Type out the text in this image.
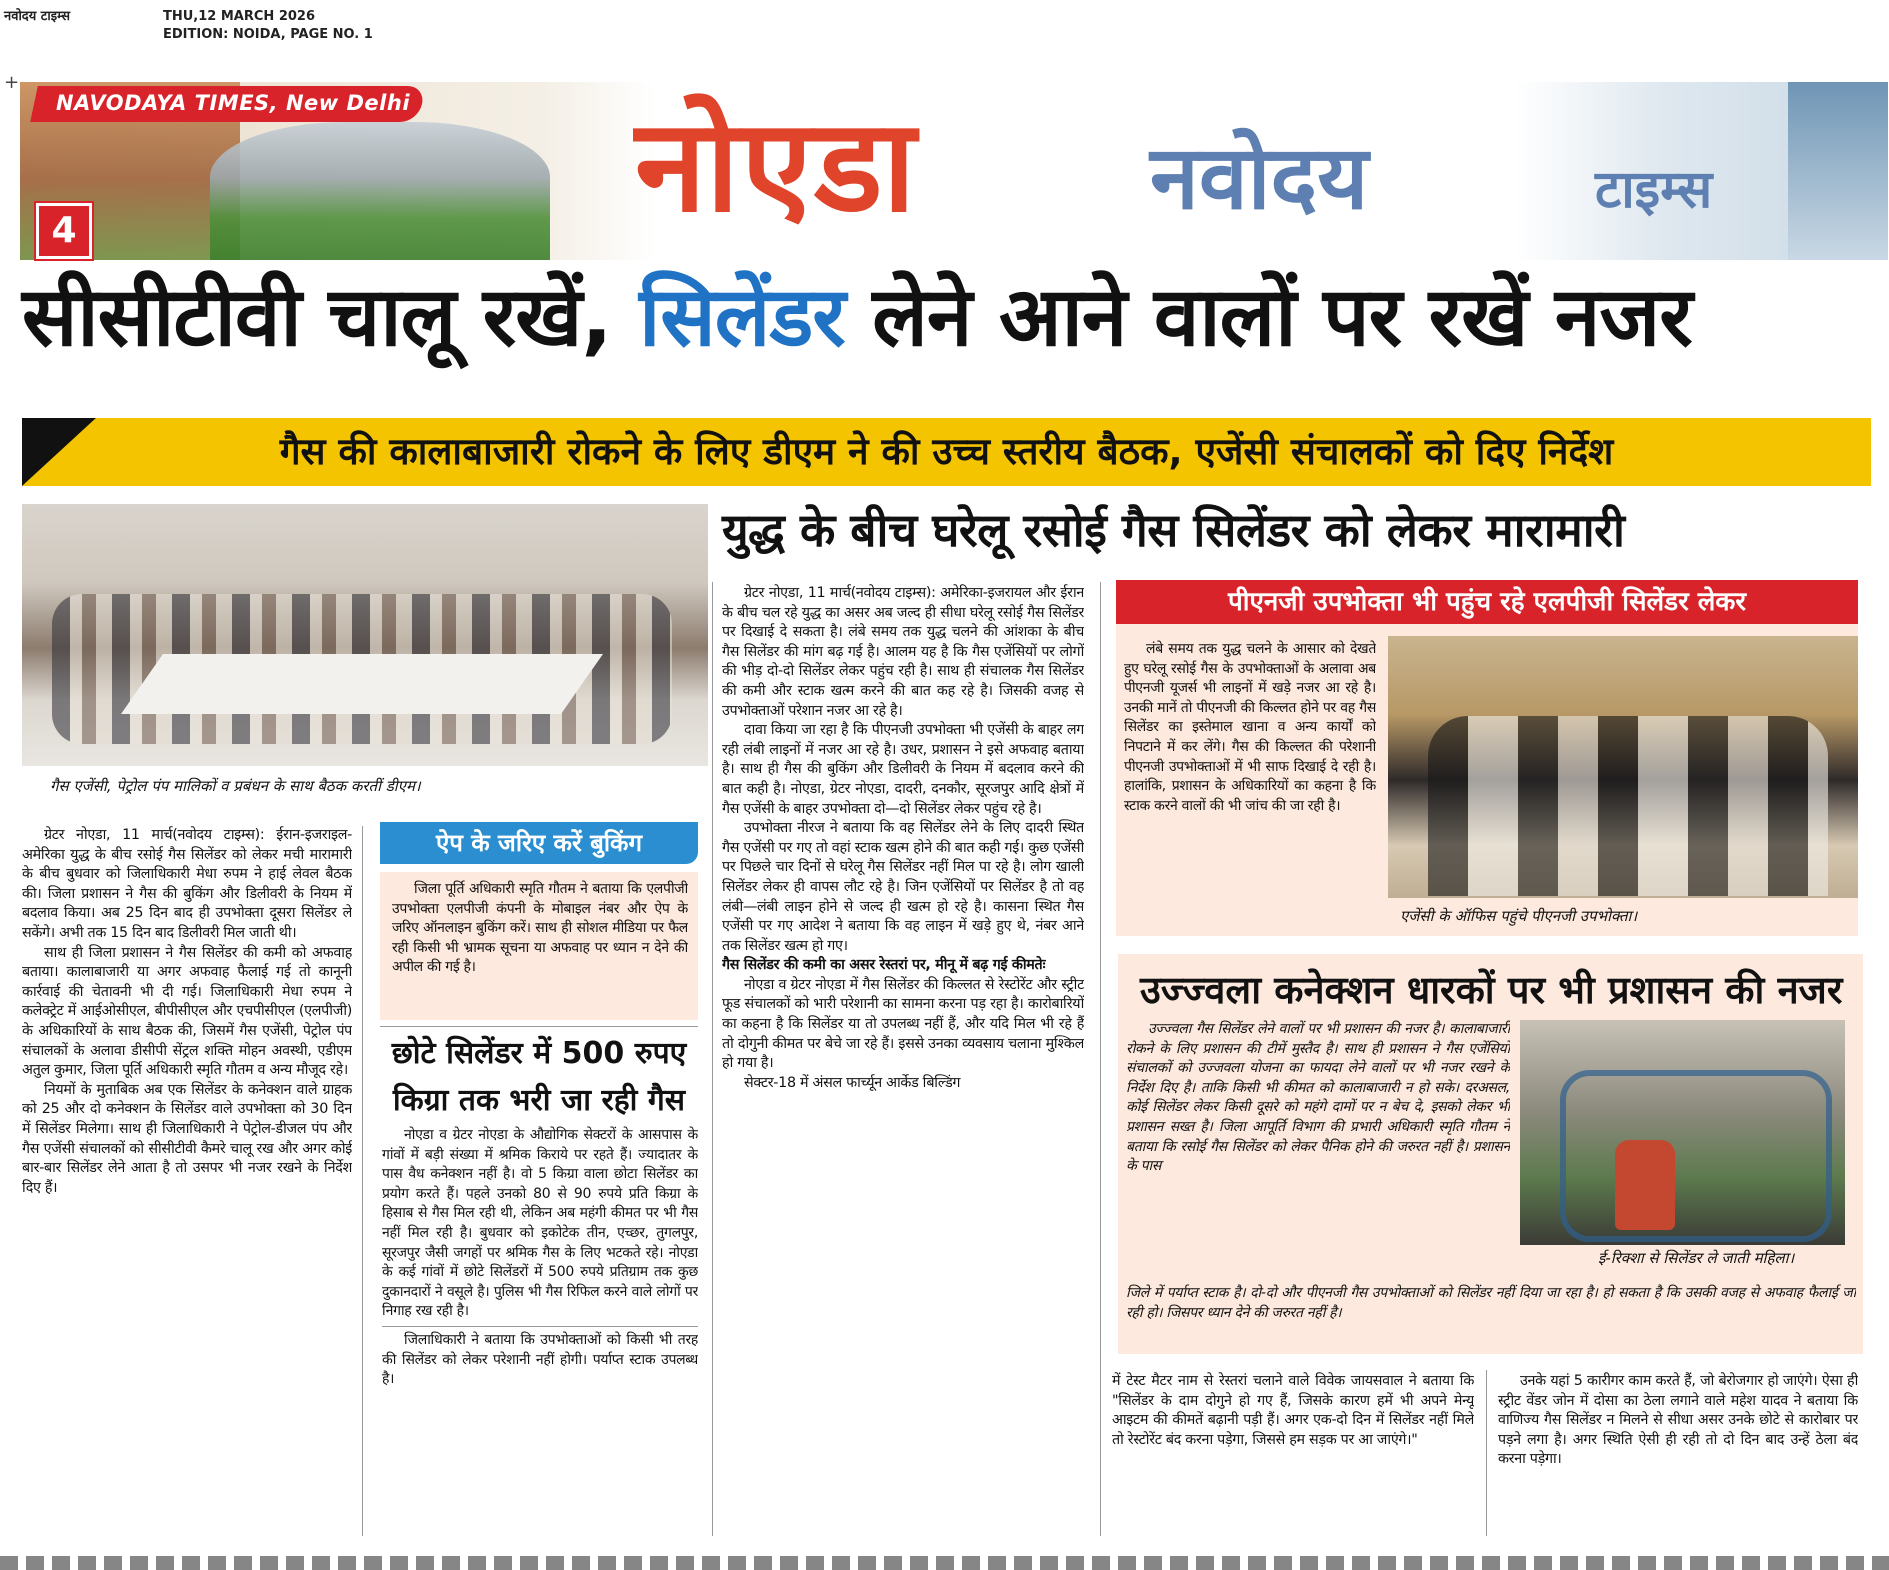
नवोदय टाइम्स	THU,12 MARCH 2026
EDITION: NOIDA, PAGE NO. 1
+
NAVODAYA TIMES, New Delhi
4	नोएडा	नवोदय	टाइम्स
सीसीटीवी चालू रखें, सिलेंडर लेने आने वालों पर रखें नजर
गैस की कालाबाजारी रोकने के लिए डीएम ने की उच्च स्तरीय बैठक, एजेंसी संचालकों को दिए निर्देश
गैस एजेंसी, पेट्रोल पंप मालिकों व प्रबंधन के साथ बैठक करतीं डीएम।

ग्रेटर नोएडा, 11 मार्च(नवोदय टाइम्स): ईरान-इजराइल-अमेरिका युद्ध के बीच रसोई गैस सिलेंडर को लेकर मची मारामारी के बीच बुधवार को जिलाधिकारी मेधा रुपम ने हाई लेवल बैठक की। जिला प्रशासन ने गैस की बुकिंग और डिलीवरी के नियम में बदलाव किया। अब 25 दिन बाद ही उपभोक्ता दूसरा सिलेंडर ले सकेंगे। अभी तक 15 दिन बाद डिलीवरी मिल जाती थी।

साथ ही जिला प्रशासन ने गैस सिलेंडर की कमी को अफवाह बताया। कालाबाजारी या अगर अफवाह फैलाई गई तो कानूनी कार्रवाई की चेतावनी भी दी गई। जिलाधिकारी मेधा रुपम ने कलेक्ट्रेट में आईओसीएल, बीपीसीएल और एचपीसीएल (एलपीजी) के अधिकारियों के साथ बैठक की, जिसमें गैस एजेंसी, पेट्रोल पंप संचालकों के अलावा डीसीपी सेंट्रल शक्ति मोहन अवस्थी, एडीएम अतुल कुमार, जिला पूर्ति अधिकारी स्मृति गौतम व अन्य मौजूद रहे।

नियमों के मुताबिक अब एक सिलेंडर के कनेक्शन वाले ग्राहक को 25 और दो कनेक्शन के सिलेंडर वाले उपभोक्ता को 30 दिन में सिलेंडर मिलेगा। साथ ही जिलाधिकारी ने पेट्रोल-डीजल पंप और गैस एजेंसी संचालकों को सीसीटीवी कैमरे चालू रख और अगर कोई बार-बार सिलेंडर लेने आता है तो उसपर भी नजर रखने के निर्देश दिए हैं।

ऐप के जरिए करें बुकिंग

जिला पूर्ति अधिकारी स्मृति गौतम ने बताया कि एलपीजी उपभोक्ता एलपीजी कंपनी के मोबाइल नंबर और ऐप के जरिए ऑनलाइन बुकिंग करें। साथ ही सोशल मीडिया पर फैल रही किसी भी भ्रामक सूचना या अफवाह पर ध्यान न देने की अपील की गई है।

छोटे सिलेंडर में 500 रुपए किग्रा तक भरी जा रही गैस

नोएडा व ग्रेटर नोएडा के औद्योगिक सेक्टरों के आसपास के गांवों में बड़ी संख्या में श्रमिक किराये पर रहते हैं। ज्यादातर के पास वैध कनेक्शन नहीं है। वो 5 किग्रा वाला छोटा सिलेंडर का प्रयोग करते हैं। पहले उनको 80 से 90 रुपये प्रति किग्रा के हिसाब से गैस मिल रही थी, लेकिन अब महंगी कीमत पर भी गैस नहीं मिल रही है। बुधवार को इकोटेक तीन, एच्छर, तुगलपुर, सूरजपुर जैसी जगहों पर श्रमिक गैस के लिए भटकते रहे। नोएडा के कई गांवों में छोटे सिलेंडरों में 500 रुपये प्रतिग्राम तक कुछ दुकानदारों ने वसूले है। पुलिस भी गैस रिफिल करने वाले लोगों पर निगाह रख रही है।

जिलाधिकारी ने बताया कि उपभोक्ताओं को किसी भी तरह की सिलेंडर को लेकर परेशानी नहीं होगी। पर्याप्त स्टाक उपलब्ध है।

युद्ध के बीच घरेलू रसोई गैस सिलेंडर को लेकर मारामारी

ग्रेटर नोएडा, 11 मार्च(नवोदय टाइम्स): अमेरिका-इजरायल और ईरान के बीच चल रहे युद्ध का असर अब जल्द ही सीधा घरेलू रसोई गैस सिलेंडर पर दिखाई दे सकता है। लंबे समय तक युद्ध चलने की आंशका के बीच गैस सिलेंडर की मांग बढ़ गई है। आलम यह है कि गैस एजेंसियों पर लोगों की भीड़ दो-दो सिलेंडर लेकर पहुंच रही है। साथ ही संचालक गैस सिलेंडर की कमी और स्टाक खत्म करने की बात कह रहे है। जिसकी वजह से उपभोक्ताओं परेशान नजर आ रहे है।

दावा किया जा रहा है कि पीएनजी उपभोक्ता भी एजेंसी के बाहर लग रही लंबी लाइनों में नजर आ रहे है। उधर, प्रशासन ने इसे अफवाह बताया है। साथ ही गैस की बुकिंग और डिलीवरी के नियम में बदलाव करने की बात कही है। नोएडा, ग्रेटर नोएडा, दादरी, दनकौर, सूरजपुर आदि क्षेत्रों में गैस एजेंसी के बाहर उपभोक्ता दो—दो सिलेंडर लेकर पहुंच रहे है।

उपभोक्ता नीरज ने बताया कि वह सिलेंडर लेने के लिए दादरी स्थित गैस एजेंसी पर गए तो वहां स्टाक खत्म होने की बात कही गई। कुछ एजेंसी पर पिछले चार दिनों से घरेलू गैस सिलेंडर नहीं मिल पा रहे है। लोग खाली सिलेंडर लेकर ही वापस लौट रहे है। जिन एजेंसियों पर सिलेंडर है तो वह लंबी—लंबी लाइन होने से जल्द ही खत्म हो रहे है। कासना स्थित गैस एजेंसी पर गए आदेश ने बताया कि वह लाइन में खड़े हुए थे, नंबर आने तक सिलेंडर खत्म हो गए।

गैस सिलेंडर की कमी का असर रेस्तरां पर, मीनू में बढ़ गई कीमतेः

नोएडा व ग्रेटर नोएडा में गैस सिलेंडर की किल्लत से रेस्टोरेंट और स्ट्रीट फूड संचालकों को भारी परेशानी का सामना करना पड़ रहा है। कारोबारियों का कहना है कि सिलेंडर या तो उपलब्ध नहीं हैं, और यदि मिल भी रहे हैं तो दोगुनी कीमत पर बेचे जा रहे हैं। इससे उनका व्यवसाय चलाना मुश्किल हो गया है।

सेक्टर-18 में अंसल फार्च्यून आर्केड बिल्डिंग

पीएनजी उपभोक्ता भी पहुंच रहे एलपीजी सिलेंडर लेकर

लंबे समय तक युद्ध चलने के आसार को देखते हुए घरेलू रसोई गैस के उपभोक्ताओं के अलावा अब पीएनजी यूजर्स भी लाइनों में खड़े नजर आ रहे है। उनकी मानें तो पीएनजी की किल्लत होने पर वह गैस सिलेंडर का इस्तेमाल खाना व अन्य कार्यों को निपटाने में कर लेंगे। गैस की किल्लत की परेशानी पीएनजी उपभोक्ताओं में भी साफ दिखाई दे रही है। हालांकि, प्रशासन के अधिकारियों का कहना है कि स्टाक करने वालों की भी जांच की जा रही है।

एजेंसी के ऑफिस पहुंचे पीएनजी उपभोक्ता।
उज्ज्वला कनेक्शन धारकों पर भी प्रशासन की नजर

उज्ज्वला गैस सिलेंडर लेने वालों पर भी प्रशासन की नजर है। कालाबाजारी रोकने के लिए प्रशासन की टीमें मुस्तैद है। साथ ही प्रशासन ने गैस एजेंसियों संचालकों को उज्जवला योजना का फायदा लेने वालों पर भी नजर रखने के निर्देश दिए है। ताकि किसी भी कीमत को कालाबाजारी न हो सके। दरअसल, कोई सिलेंडर लेकर किसी दूसरे को महंगे दामों पर न बेच दे, इसको लेकर भी प्रशासन सख्त है। जिला आपूर्ति विभाग की प्रभारी अधिकारी स्मृति गौतम ने बताया कि रसोई गैस सिलेंडर को लेकर पैनिक होने की जरुरत नहीं है। प्रशासन के पास

ई-रिक्शा से सिलेंडर ले जाती महिला।

जिले में पर्याप्त स्टाक है। दो-दो और पीएनजी गैस उपभोक्ताओं को सिलेंडर नहीं दिया जा रहा है। हो सकता है कि उसकी वजह से अफवाह फैलाई जा रही हो। जिसपर ध्यान देने की जरुरत नहीं है।

में टेस्ट मैटर नाम से रेस्तरां चलाने वाले विवेक जायसवाल ने बताया कि "सिलेंडर के दाम दोगुने हो गए हैं, जिसके कारण हमें भी अपने मेन्यू आइटम की कीमतें बढ़ानी पड़ी हैं। अगर एक-दो दिन में सिलेंडर नहीं मिले तो रेस्टोरेंट बंद करना पड़ेगा, जिससे हम सड़क पर आ जाएंगे।"

उनके यहां 5 कारीगर काम करते हैं, जो बेरोजगार हो जाएंगे। ऐसा ही स्ट्रीट वेंडर जोन में दोसा का ठेला लगाने वाले महेश यादव ने बताया कि वाणिज्य गैस सिलेंडर न मिलने से सीधा असर उनके छोटे से कारोबार पर पड़ने लगा है। अगर स्थिति ऐसी ही रही तो दो दिन बाद उन्हें ठेला बंद करना पड़ेगा।
